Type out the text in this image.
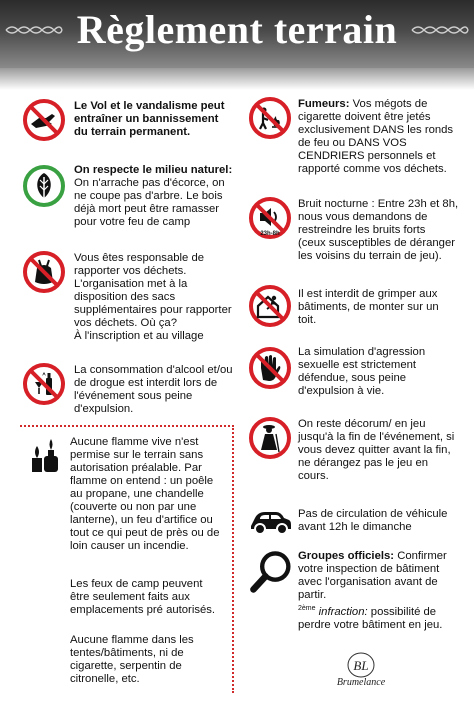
Règlement terrain
Le Vol et le vandalisme peut
entraîner un bannissement
du terrain permanent.
On respecte le milieu naturel:
On n'arrache pas d'écorce, on
ne coupe pas d'arbre. Le bois
déjà mort peut être ramasser
pour votre feu de camp
Vous êtes responsable de
rapporter vos déchets.
L'organisation met à la
disposition des sacs
supplémentaires pour rapporter
vos déchets. Où ça?
À l'inscription et au village
La consommation d'alcool et/ou
de drogue est interdit lors de
l'événement sous peine
d'expulsion.
Aucune flamme vive n'est
permise sur le terrain sans
autorisation préalable. Par
flamme on entend : un poêle
au propane, une chandelle
(couverte ou non par une
lanterne), un feu d'artifice ou
tout ce qui peut de près ou de
loin causer un incendie.
Les feux de camp peuvent
être seulement faits aux
emplacements pré autorisés.
Aucune flamme dans les
tentes/bâtiments, ni de
cigarette, serpentin de
citronelle, etc.
Fumeurs: Vos mégots de
cigarette doivent être jetés
exclusivement DANS les ronds
de feu ou DANS VOS
CENDRIERS personnels et
rapporté comme vos déchets.
23h-8h
Bruit nocturne : Entre 23h et 8h,
nous vous demandons de
restreindre les bruits forts
(ceux susceptibles de déranger
les voisins du terrain de jeu).
Il est interdit de grimper aux
bâtiments, de monter sur un
toit.
La simulation d'agression
sexuelle est strictement
défendue, sous peine
d'expulsion à vie.
On reste décorum/ en jeu
jusqu'à la fin de l'événement, si
vous devez quitter avant la fin,
ne dérangez pas le jeu en
cours.
Pas de circulation de véhicule
avant 12h le dimanche
Groupes officiels: Confirmer
votre inspection de bâtiment
avec l'organisation avant de
partir.
$^{2ème}$ infraction: possibilité de
perdre votre bâtiment en jeu.
BL
Brumelance
